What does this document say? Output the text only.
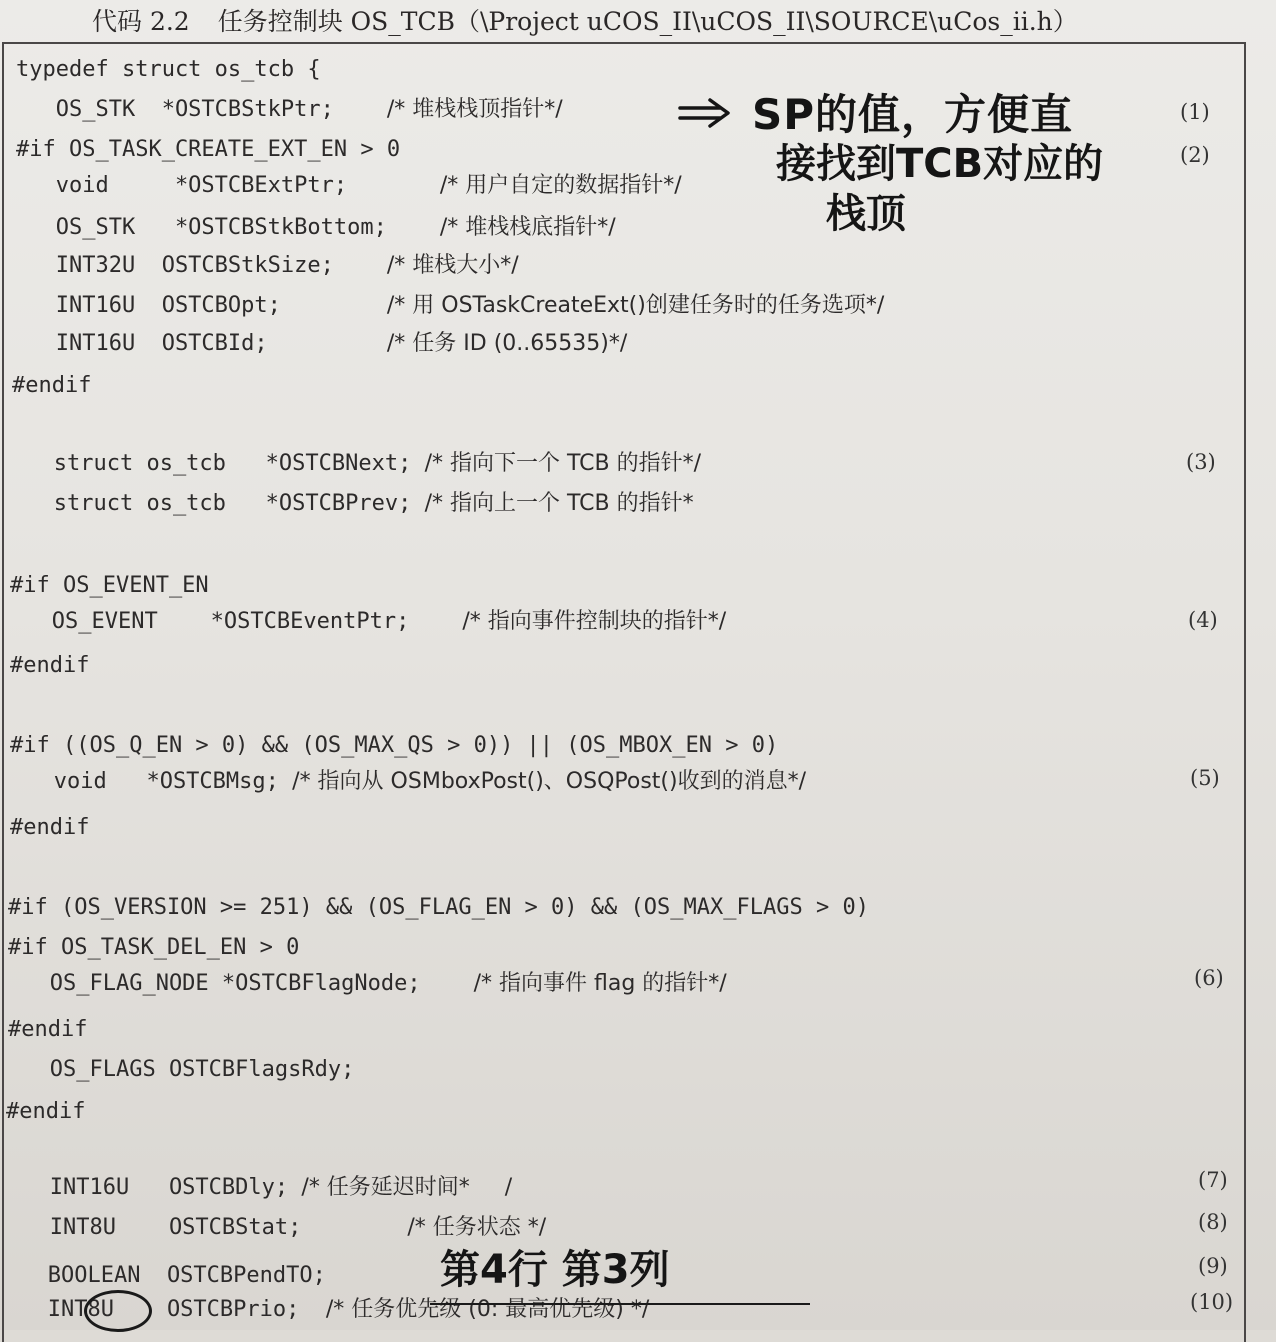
代码 2.2 任务控制块 OS_TCB（\Project uCOS_II\uCOS_II\SOURCE\uCos_ii.h）
typedef struct os_tcb {
OS_STK  *OSTCBStkPtr;    /* 堆栈栈顶指针*/
#if OS_TASK_CREATE_EXT_EN > 0
void     *OSTCBExtPtr;       /* 用户自定的数据指针*/
OS_STK   *OSTCBStkBottom;    /* 堆栈栈底指针*/
INT32U  OSTCBStkSize;    /* 堆栈大小*/
INT16U  OSTCBOpt;        /* 用 OSTaskCreateExt()创建任务时的任务选项*/
INT16U  OSTCBId;         /* 任务 ID (0..65535)*/
#endif
struct os_tcb   *OSTCBNext; /* 指向下一个 TCB 的指针*/
struct os_tcb   *OSTCBPrev; /* 指向上一个 TCB 的指针*
#if OS_EVENT_EN
OS_EVENT    *OSTCBEventPtr;    /* 指向事件控制块的指针*/
#endif
#if ((OS_Q_EN > 0) && (OS_MAX_QS > 0)) || (OS_MBOX_EN > 0)
void   *OSTCBMsg; /* 指向从 OSMboxPost()、OSQPost()收到的消息*/
#endif
#if (OS_VERSION >= 251) && (OS_FLAG_EN > 0) && (OS_MAX_FLAGS > 0)
#if OS_TASK_DEL_EN > 0
OS_FLAG_NODE *OSTCBFlagNode;    /* 指向事件 flag 的指针*/
#endif
OS_FLAGS OSTCBFlagsRdy;
#endif
INT16U   OSTCBDly; /* 任务延迟时间*     /
INT8U    OSTCBStat;        /* 任务状态 */
BOOLEAN  OSTCBPendTO;
INT8U    OSTCBPrio;  /* 任务优先级 (0: 最高优先级) */
(1)
(2)
(3)
(4)
(5)
(6)
(7)
(8)
(9)
(10)
SP的值，方便直
接找到TCB对应的
栈顶
第4行 第3列
